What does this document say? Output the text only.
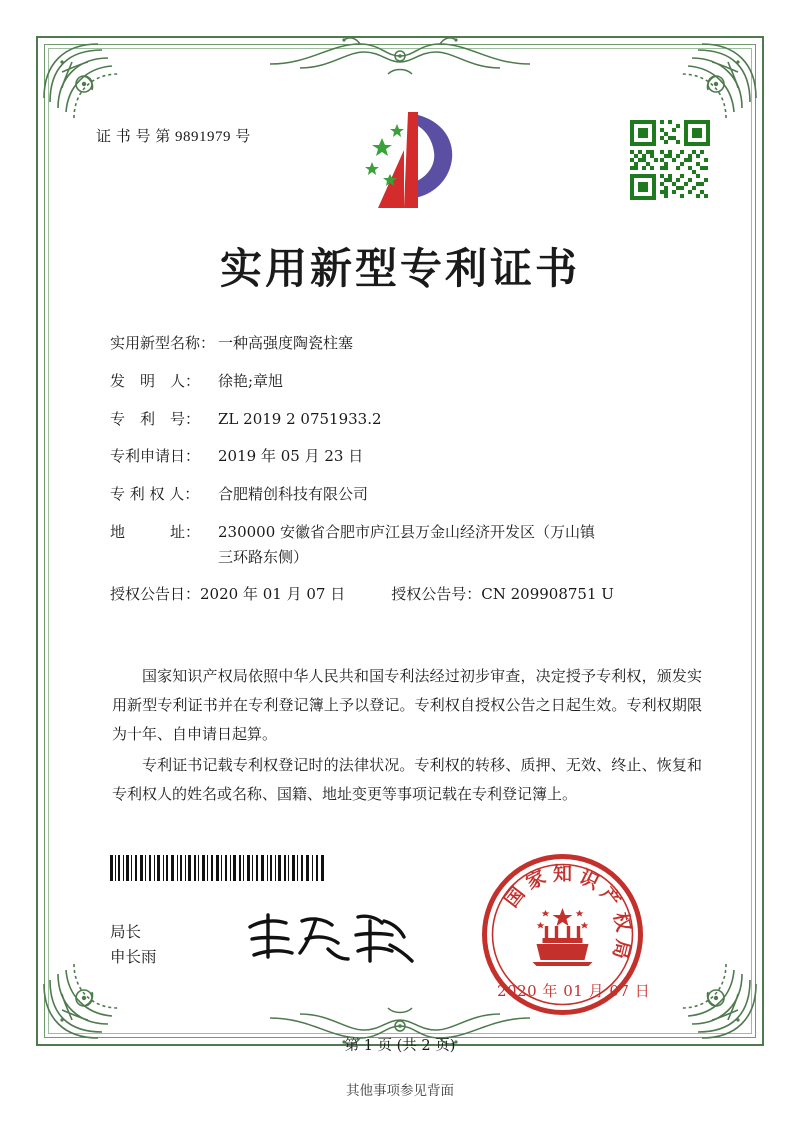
证 书 号 第 9891979 号
实用新型专利证书
实用新型名称： 一种高强度陶瓷柱塞
发　明　人：	徐艳;章旭
专　利　号：	ZL 2019 2 0751933.2
专利申请日：	2019 年 05 月 23 日
专 利 权 人：	合肥精创科技有限公司
地　　　址：	230000 安徽省合肥市庐江县万金山经济开发区（万山镇
三环路东侧）
授权公告日： 2020 年 01 月 07 日	授权公告号： CN 209908751 U

国家知识产权局依照中华人民共和国专利法经过初步审查，决定授予专利权，颁发实用新型专利证书并在专利登记簿上予以登记。专利权自授权公告之日起生效。专利权期限为十年、自申请日起算。

专利证书记载专利权登记时的法律状况。专利权的转移、质押、无效、终止、恢复和专利权人的姓名或名称、国籍、地址变更等事项记载在专利登记簿上。

局长
申长雨
知 识
产
权
局
家
国
2020 年 01 月 07 日
第 1 页 (共 2 页)
其他事项参见背面
